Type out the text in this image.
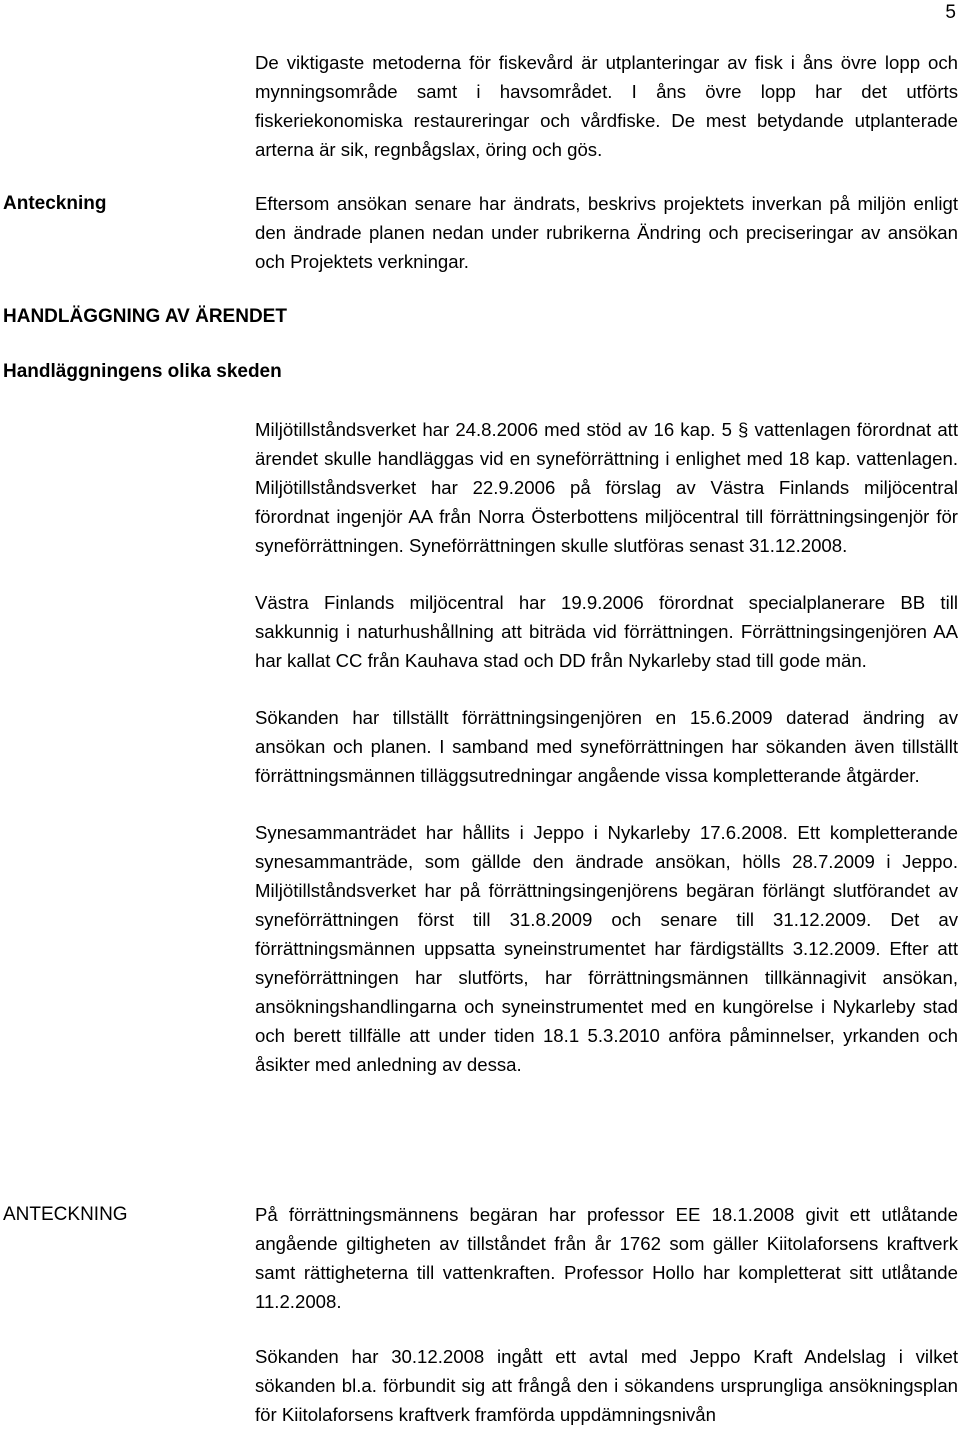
5

De viktigaste metoderna för fiskevård är utplanteringar av fisk i åns övre lopp och mynningsområde samt i havsområdet. I åns övre lopp har det utförts fiskeriekonomiska restaureringar och vårdfiske. De mest betydande utplanterade arterna är sik, regnbågslax, öring och gös.

Anteckning	Eftersom ansökan senare har ändrats, beskrivs projektets inverkan på miljön enligt den ändrade planen nedan under rubrikerna Ändring och preciseringar av ansökan och Projektets verkningar.

HANDLÄGGNING AV ÄRENDET
Handläggningens olika skeden

Miljötillståndsverket har 24.8.2006 med stöd av 16 kap. 5 § vattenlagen förordnat att ärendet skulle handläggas vid en syneförrättning i enlighet med 18 kap. vattenlagen. Miljötillståndsverket har 22.9.2006 på förslag av Västra Finlands miljöcentral förordnat ingenjör AA från Norra Österbottens miljöcentral till förrättningsingenjör för syneförrättningen. Syneförrättningen skulle slutföras senast 31.12.2008.

Västra Finlands miljöcentral har 19.9.2006 förordnat specialplanerare BB till sakkunnig i naturhushållning att biträda vid förrättningen. Förrättningsingenjören AA har kallat CC från Kauhava stad och DD från Nykarleby stad till gode män.

Sökanden har tillställt förrättningsingenjören en 15.6.2009 daterad ändring av ansökan och planen. I samband med syneförrättningen har sökanden även tillställt förrättningsmännen tilläggsutredningar angående vissa kompletterande åtgärder.

Synesammanträdet har hållits i Jeppo i Nykarleby 17.6.2008. Ett kompletterande synesammanträde, som gällde den ändrade ansökan, hölls 28.7.2009 i Jeppo. Miljötillståndsverket har på förrättningsingenjörens begäran förlängt slutförandet av syneförrättningen först till 31.8.2009 och senare till 31.12.2009. Det av förrättningsmännen uppsatta syneinstrumentet har färdigställts 3.12.2009. Efter att syneförrättningen har slutförts, har förrättningsmännen tillkännagivit ansökan, ansökningshandlingarna och syneinstrumentet med en kungörelse i Nykarleby stad och berett tillfälle att under tiden 18.1 5.3.2010 anföra påminnelser, yrkanden och åsikter med anledning av dessa.

ANTECKNING	På förrättningsmännens begäran har professor EE 18.1.2008 givit ett utlåtande angående giltigheten av tillståndet från år 1762 som gäller Kiitolaforsens kraftverk samt rättigheterna till vattenkraften. Professor Hollo har kompletterat sitt utlåtande 11.2.2008.

Sökanden har 30.12.2008 ingått ett avtal med Jeppo Kraft Andelslag i vilket sökanden bl.a. förbundit sig att frångå den i sökandens ursprungliga ansökningsplan för Kiitolaforsens kraftverk framförda uppdämningsnivån
